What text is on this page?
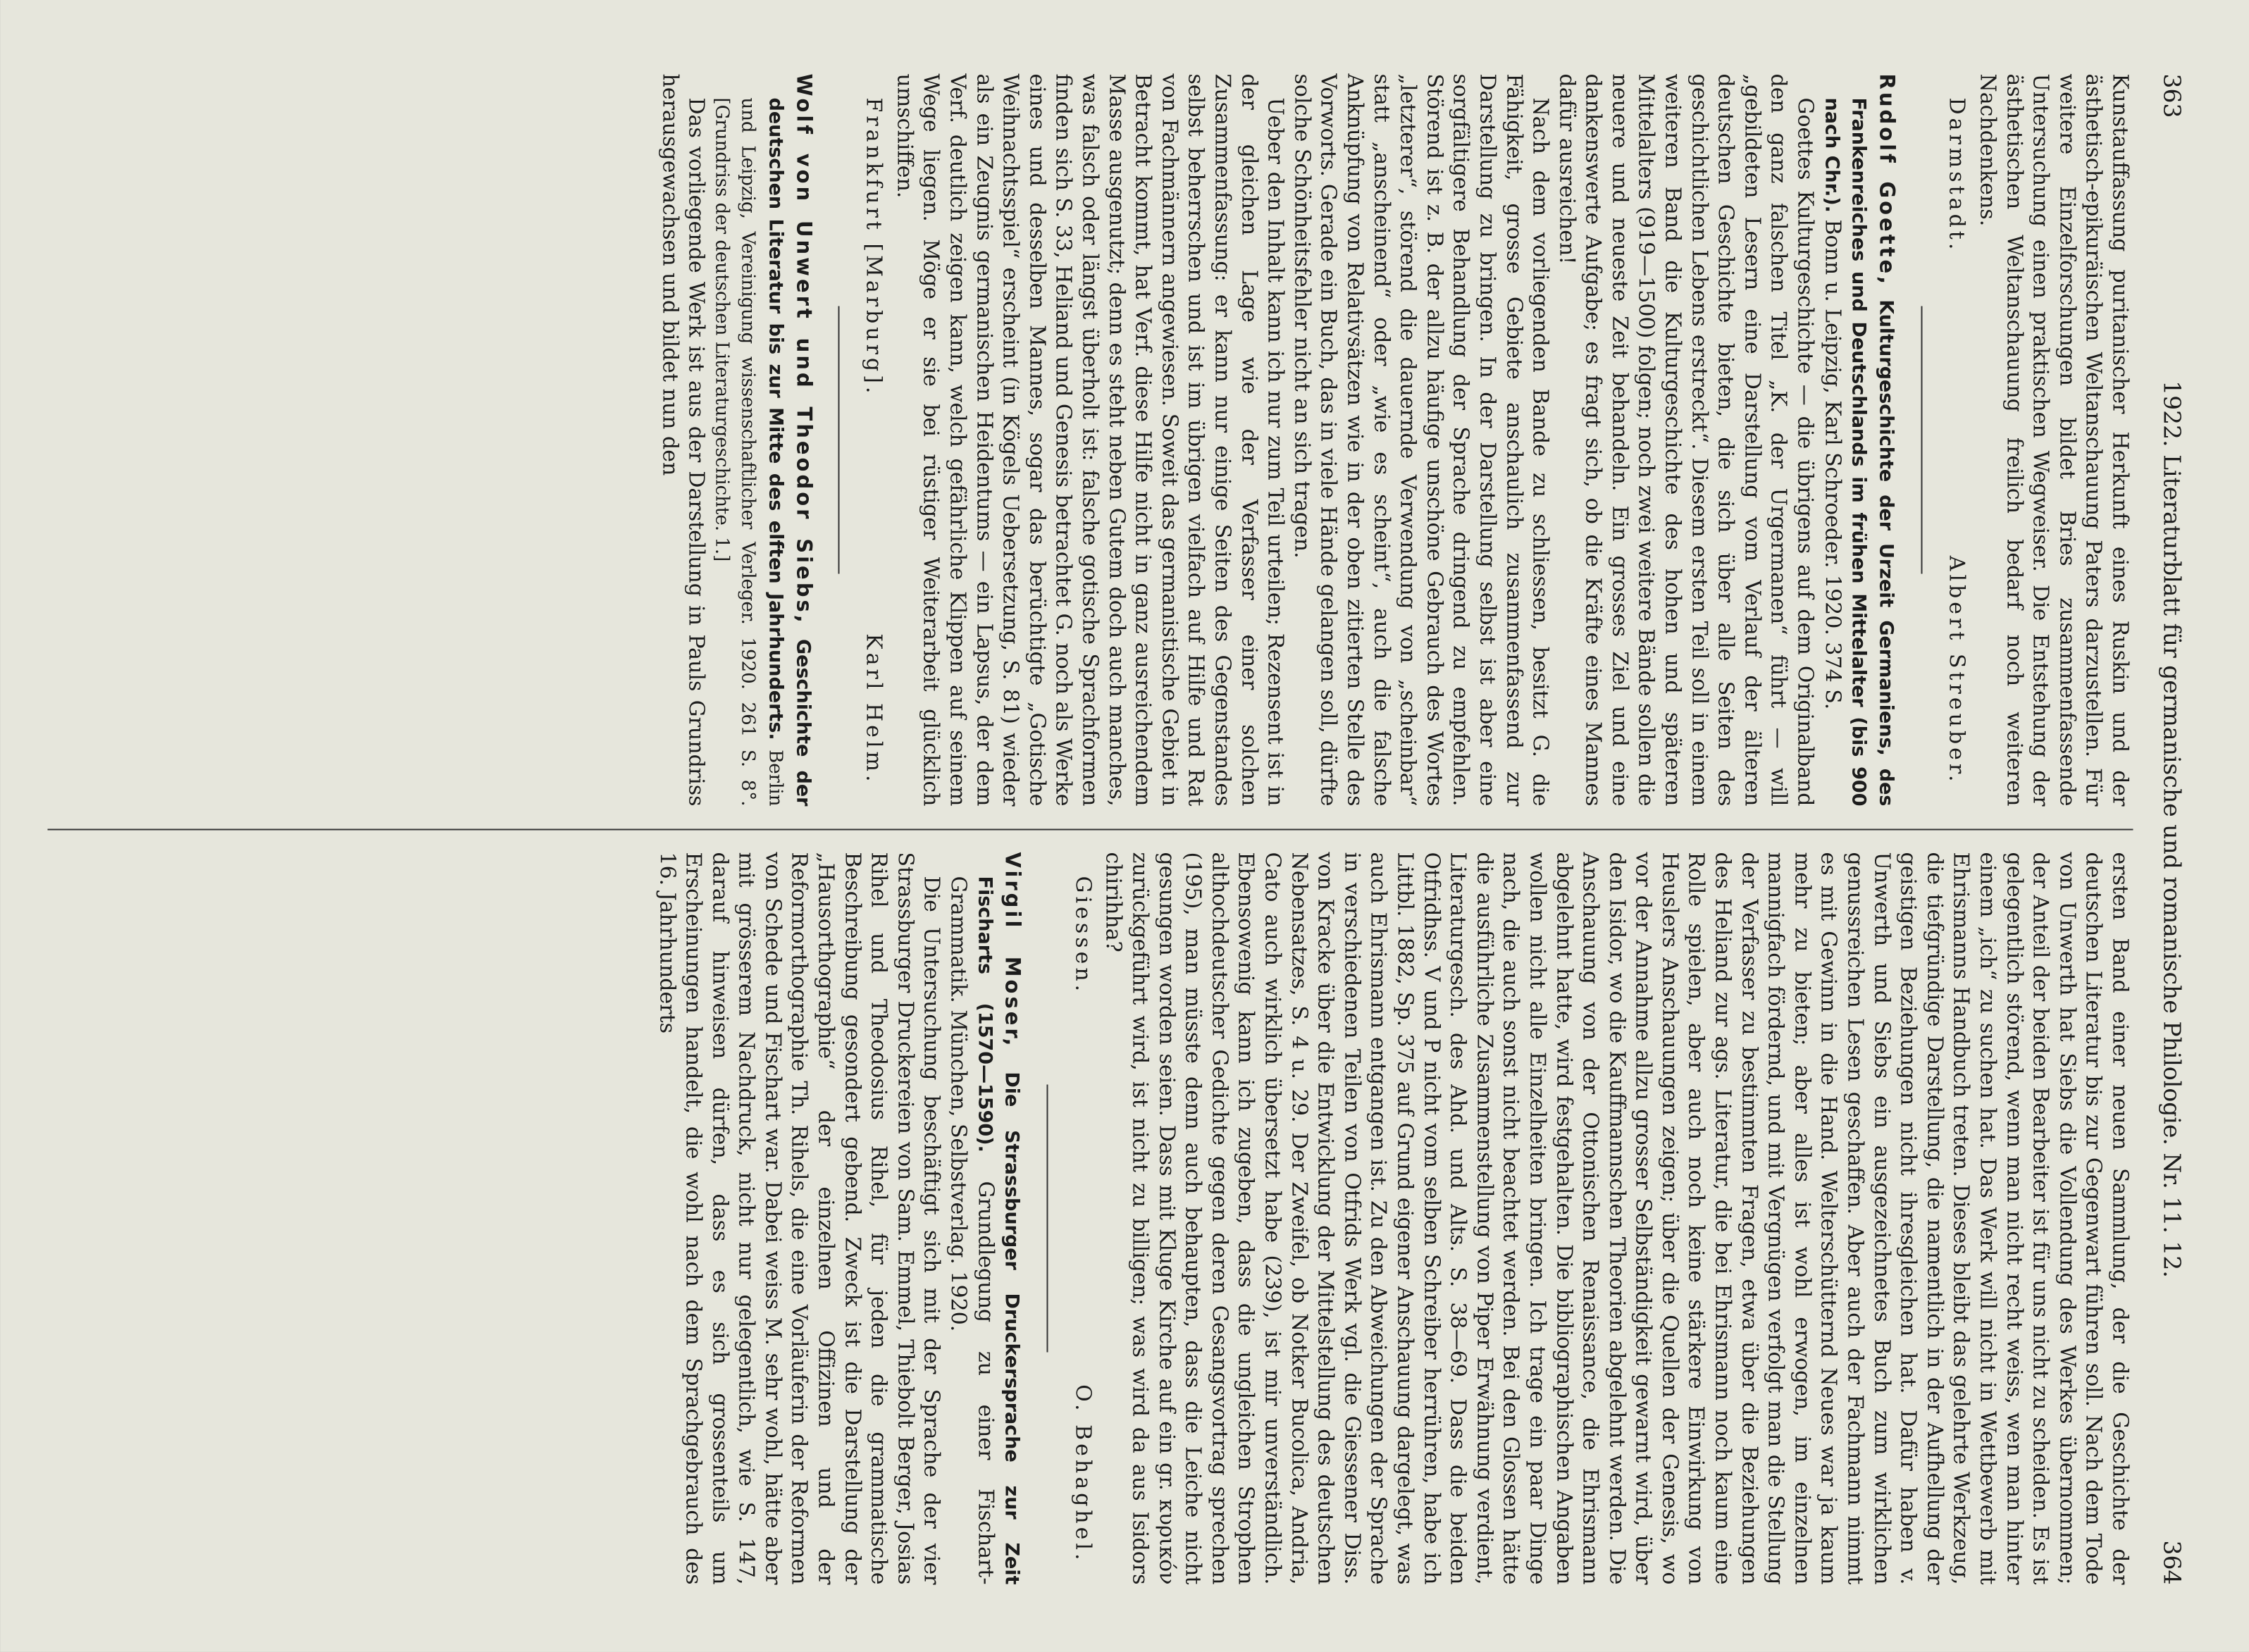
363
1922. Literaturblatt für germanische und romanische Philologie. Nr. 11. 12.
364

Kunstauffassung puritanischer Herkunft eines Ruskin und der ästhetisch-epikuräischen Weltanschauung Paters darzustellen. Für weitere Einzelforschungen bildet Bries zusammenfassende Untersuchung einen praktischen Wegweiser. Die Entstehung der ästhetischen Weltanschauung freilich bedarf noch weiteren Nachdenkens.

Darmstadt.
Albert Streuber.

Rudolf Goette, Kulturgeschichte der Urzeit Germaniens, des Frankenreiches und Deutschlands im frühen Mittelalter (bis 900 nach Chr.). Bonn u. Leipzig, Karl Schroeder. 1920. 374 S.

Goettes Kulturgeschichte — die übrigens auf dem Originalband den ganz falschen Titel „K. der Urgermanen“ führt — will „gebildeten Lesern eine Darstellung vom Verlauf der älteren deutschen Geschichte bieten, die sich über alle Seiten des geschichtlichen Lebens erstreckt“. Diesem ersten Teil soll in einem weiteren Band die Kulturgeschichte des hohen und späteren Mittelalters (919—1500) folgen; noch zwei weitere Bände sollen die neuere und neueste Zeit behandeln. Ein grosses Ziel und eine dankenswerte Aufgabe; es fragt sich, ob die Kräfte eines Mannes dafür ausreichen!

Nach dem vorliegenden Bande zu schliessen, besitzt G. die Fähigkeit, grosse Gebiete anschaulich zusammenfassend zur Darstellung zu bringen. In der Darstellung selbst ist aber eine sorgfältigere Behandlung der Sprache dringend zu empfehlen. Störend ist z. B. der allzu häufige unschöne Gebrauch des Wortes „letzterer“, störend die dauernde Verwendung von „scheinbar“ statt „anscheinend“ oder „wie es scheint“, auch die falsche Anknüpfung von Relativsätzen wie in der oben zitierten Stelle des Vorworts. Gerade ein Buch, das in viele Hände gelangen soll, dürfte solche Schönheitsfehler nicht an sich tragen.

Ueber den Inhalt kann ich nur zum Teil urteilen; Rezensent ist in der gleichen Lage wie der Verfasser einer solchen Zusammenfassung: er kann nur einige Seiten des Gegenstandes selbst beherrschen und ist im übrigen vielfach auf Hilfe und Rat von Fachmännern angewiesen. Soweit das germanistische Gebiet in Betracht kommt, hat Verf. diese Hilfe nicht in ganz ausreichendem Masse ausgenutzt; denn es steht neben Gutem doch auch manches, was falsch oder längst überholt ist: falsche gotische Sprachformen finden sich S. 33, Heliand und Genesis betrachtet G. noch als Werke eines und desselben Mannes, sogar das berüchtigte „Gotische Weihnachtsspiel“ erscheint (in Kögels Uebersetzung, S. 81) wieder als ein Zeugnis germanischen Heidentums — ein Lapsus, der dem Verf. deutlich zeigen kann, welch gefährliche Klippen auf seinem Wege liegen. Möge er sie bei rüstiger Weiterarbeit glücklich umschiffen.

Frankfurt [Marburg].
Karl Helm.

Wolf von Unwert und Theodor Siebs, Geschichte der deutschen Literatur bis zur Mitte des elften Jahrhunderts. Berlin und Leipzig, Vereinigung wissenschaftlicher Verleger. 1920. 261 S. 8°. [Grundriss der deutschen Literaturgeschichte. 1.]

Das vorliegende Werk ist aus der Darstellung in Pauls Grundriss herausgewachsen und bildet nun den

ersten Band einer neuen Sammlung, der die Geschichte der deutschen Literatur bis zur Gegenwart führen soll. Nach dem Tode von Unwerth hat Siebs die Vollendung des Werkes übernommen; der Anteil der beiden Bearbeiter ist für uns nicht zu scheiden. Es ist gelegentlich störend, wenn man nicht recht weiss, wen man hinter einem „ich“ zu suchen hat. Das Werk will nicht in Wettbewerb mit Ehrismanns Handbuch treten. Dieses bleibt das gelehrte Werkzeug, die tiefgründige Darstellung, die namentlich in der Aufhellung der geistigen Beziehungen nicht ihresgleichen hat. Dafür haben v. Unwerth und Siebs ein ausgezeichnetes Buch zum wirklichen genussreichen Lesen geschaffen. Aber auch der Fachmann nimmt es mit Gewinn in die Hand. Welterschütternd Neues war ja kaum mehr zu bieten; aber alles ist wohl erwogen, im einzelnen mannigfach fördernd, und mit Vergnügen verfolgt man die Stellung der Verfasser zu bestimmten Fragen, etwa über die Beziehungen des Heliand zur ags. Literatur, die bei Ehrismann noch kaum eine Rolle spielen, aber auch noch keine stärkere Einwirkung von Heuslers Anschauungen zeigen; über die Quellen der Genesis, wo vor der Annahme allzu grosser Selbständigkeit gewarnt wird, über den Isidor, wo die Kauffmannschen Theorien abgelehnt werden. Die Anschauung von der Ottonischen Renaissance, die Ehrismann abgelehnt hatte, wird festgehalten. Die bibliographischen Angaben wollen nicht alle Einzelheiten bringen. Ich trage ein paar Dinge nach, die auch sonst nicht beachtet werden. Bei den Glossen hätte die ausführliche Zusammenstellung von Piper Erwähnung verdient, Literaturgesch. des Ahd. und Alts. S. 38—69. Dass die beiden Otfridhss. V und P nicht vom selben Schreiber herrühren, habe ich Littbl. 1882, Sp. 375 auf Grund eigener Anschauung dargelegt, was auch Ehrismann entgangen ist. Zu den Abweichungen der Sprache in verschiedenen Teilen von Otfrids Werk vgl. die Giessener Diss. von Kracke über die Entwicklung der Mittelstellung des deutschen Nebensatzes, S. 4 u. 29. Der Zweifel, ob Notker Bucolica, Andria, Cato auch wirklich übersetzt habe (239), ist mir unverständlich. Ebensowenig kann ich zugeben, dass die ungleichen Strophen althochdeutscher Gedichte gegen deren Gesangsvortrag sprechen (195), man müsste denn auch behaupten, dass die Leiche nicht gesungen worden seien. Dass mit Kluge Kirche auf ein gr. κυρικόν zurückgeführt wird, ist nicht zu billigen; was wird da aus Isidors chirihha?

Giessen.
O. Behaghel.

Virgil Moser, Die Strassburger Druckersprache zur Zeit Fischarts (1570—1590). Grundlegung zu einer Fischart-Grammatik. München, Selbstverlag. 1920.

Die Untersuchung beschäftigt sich mit der Sprache der vier Strassburger Druckereien von Sam. Emmel, Thiebolt Berger, Josias Rihel und Theodosius Rihel, für jeden die grammatische Beschreibung gesondert gebend. Zweck ist die Darstellung der „Hausorthographie“ der einzelnen Offizinen und der Reformorthographie Th. Rihels, die eine Vorläuferin der Reformen von Schede und Fischart war. Dabei weiss M. sehr wohl, hätte aber mit grösserem Nachdruck, nicht nur gelegentlich, wie S. 147, darauf hinweisen dürfen, dass es sich grossenteils um Erscheinungen handelt, die wohl nach dem Sprachgebrauch des 16. Jahrhunderts
